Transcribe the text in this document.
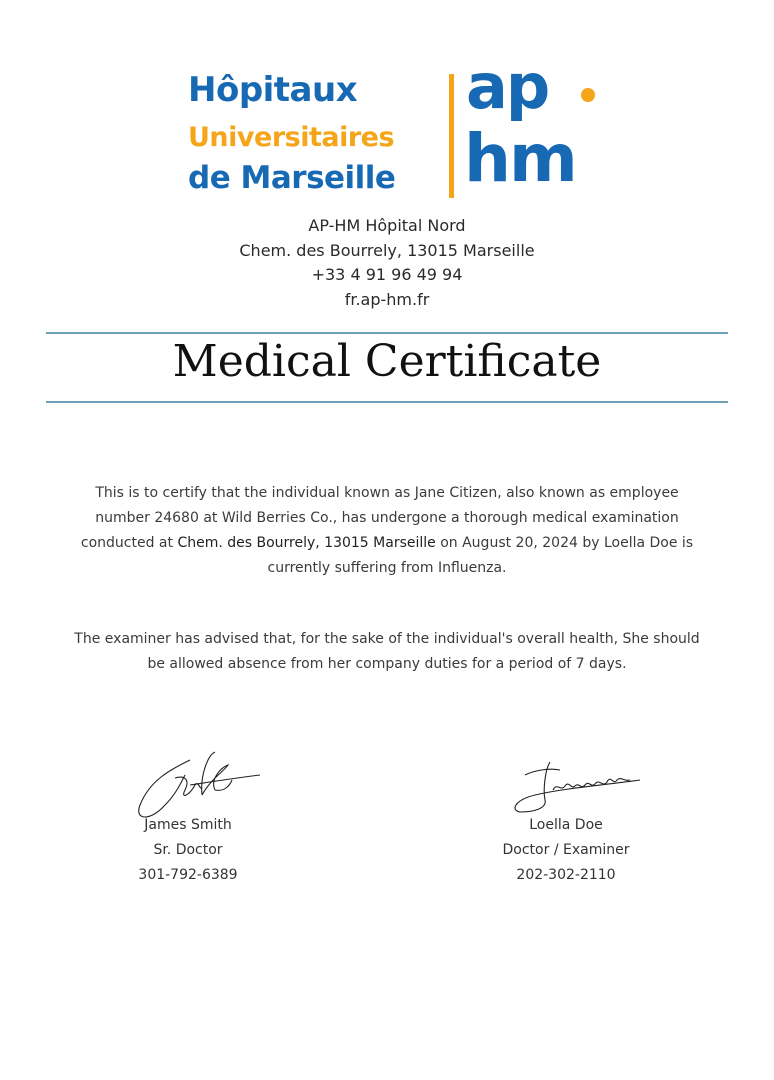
Hôpitaux
Universitaires
de Marseille
ap
hm
AP-HM Hôpital Nord
Chem. des Bourrely, 13015 Marseille
+33 4 91 96 49 94
fr.ap-hm.fr
Medical Certificate
This is to certify that the individual known as Jane Citizen, also known as employee number 24680 at Wild Berries Co., has undergone a thorough medical examination conducted at Chem. des Bourrely, 13015 Marseille on August 20, 2024 by Loella Doe is currently suffering from Influenza.
The examiner has advised that, for the sake of the individual's overall health, She should be allowed absence from her company duties for a period of 7 days.
James Smith
Sr. Doctor
301-792-6389
Loella Doe
Doctor / Examiner
202-302-2110
